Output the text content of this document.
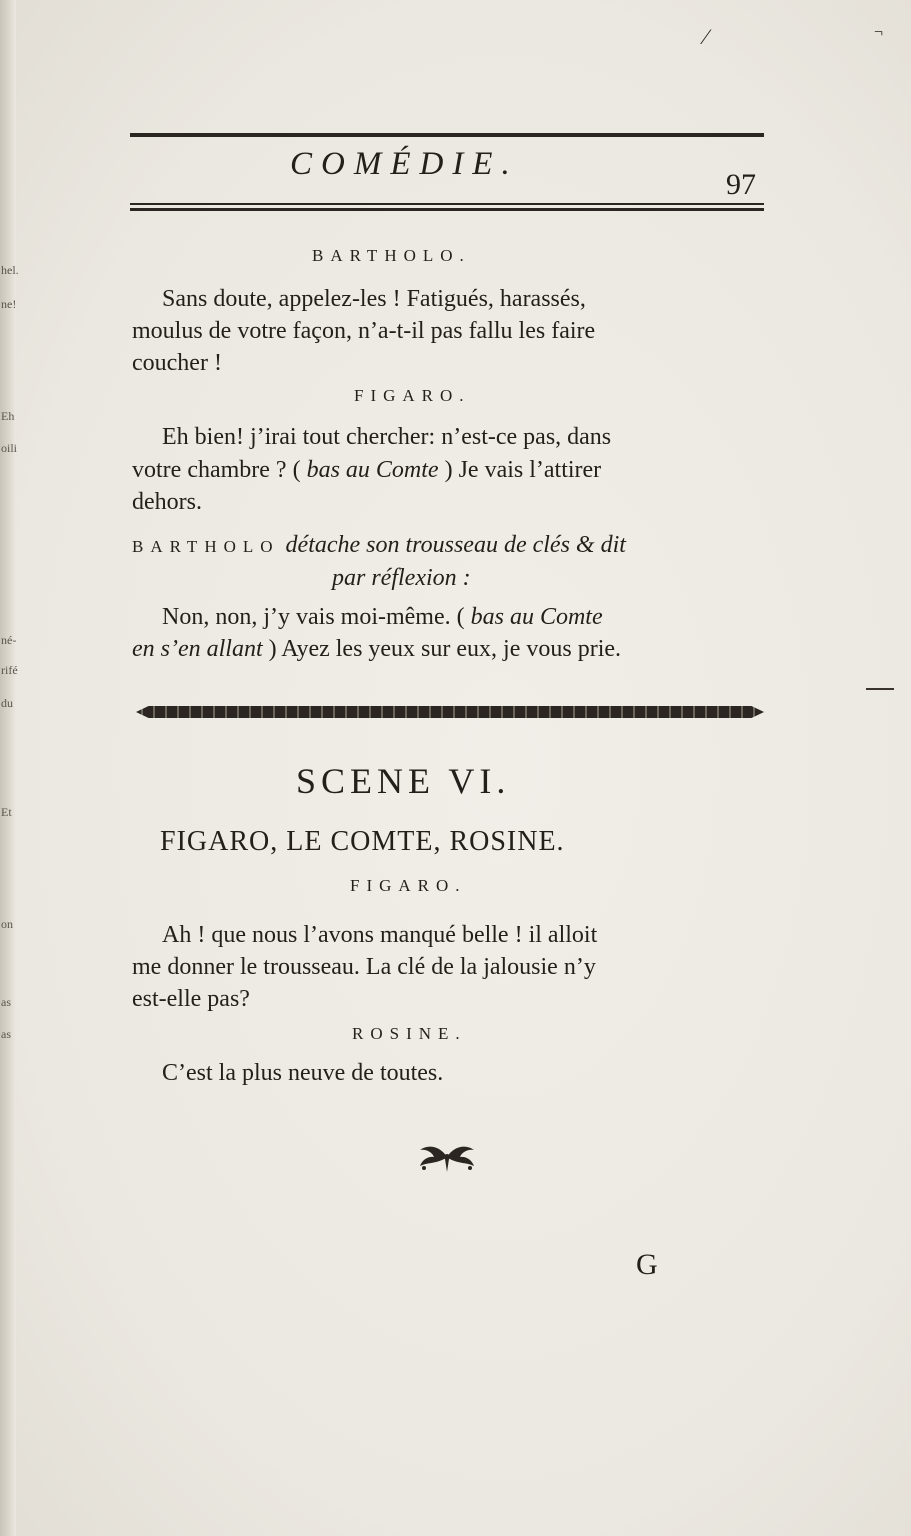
hel.
ne!
Eh
oili
né-
rifé
du
Et
on
as
as
⁄	¬
COMÉDIE.
97
BARTHOLO.
Sans doute, appelez-les ! Fatigués, harassés,
moulus de votre façon, n’a-t-il pas fallu les faire
coucher !
FIGARO.
Eh bien! j’irai tout chercher: n’est-ce pas, dans
votre chambre ? ( bas au Comte ) Je vais l’attirer
dehors.
BARTHOLO détache son trousseau de clés & dit
par réflexion :
Non, non, j’y vais moi-même. ( bas au Comte
en s’en allant ) Ayez les yeux sur eux, je vous prie.
SCENE VI.
FIGARO, LE COMTE, ROSINE.
FIGARO.
Ah ! que nous l’avons manqué belle ! il alloit
me donner le trousseau. La clé de la jalousie n’y
est-elle pas?
ROSINE.
C’est la plus neuve de toutes.
G
